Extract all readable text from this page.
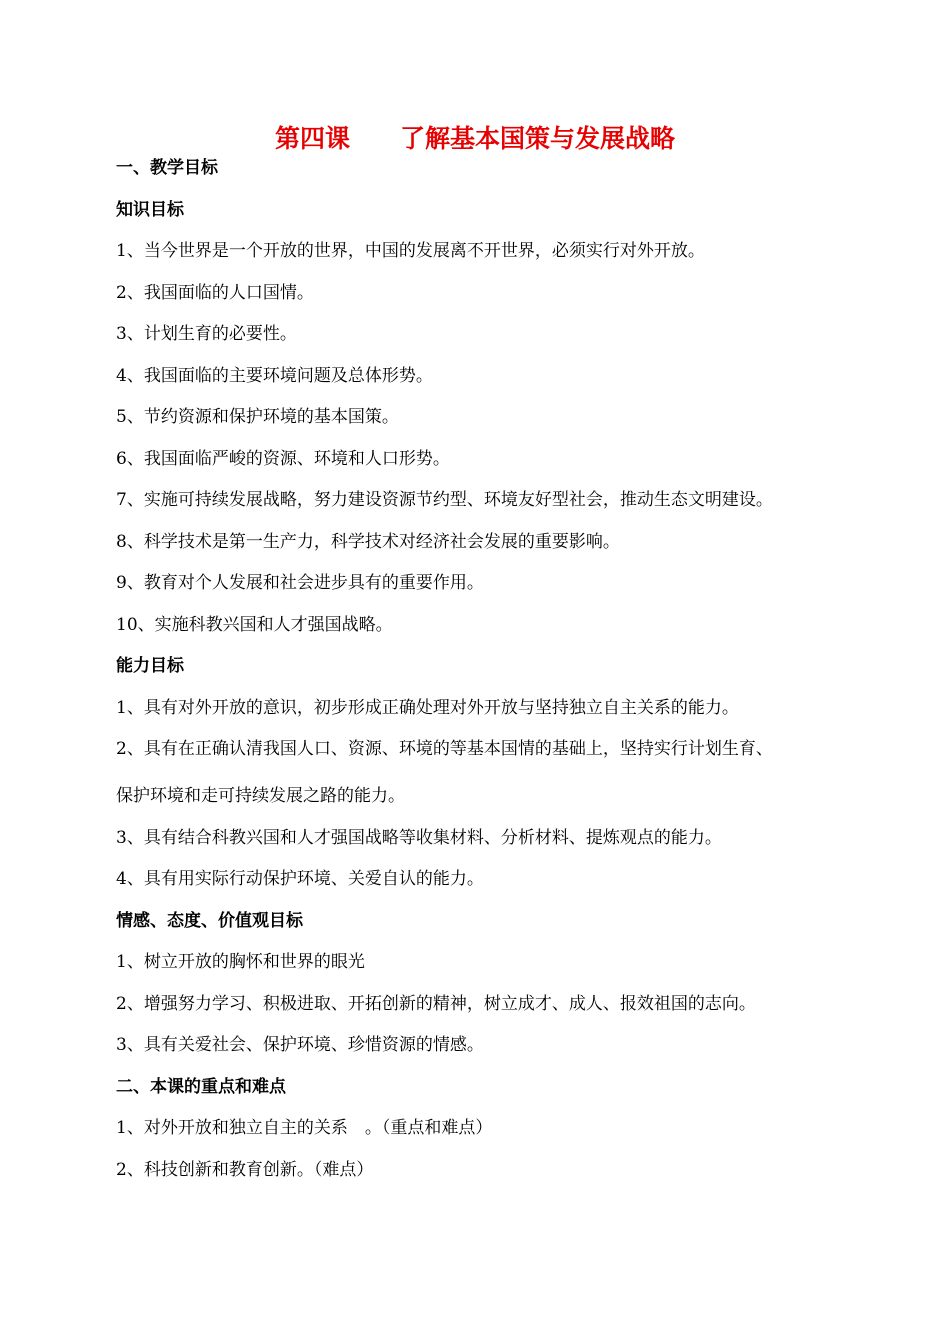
第四课　　了解基本国策与发展战略
一、教学目标
知识目标
1、当今世界是一个开放的世界，中国的发展离不开世界，必须实行对外开放。
2、我国面临的人口国情。
3、计划生育的必要性。
4、我国面临的主要环境问题及总体形势。
5、节约资源和保护环境的基本国策。
6、我国面临严峻的资源、环境和人口形势。
7、实施可持续发展战略，努力建设资源节约型、环境友好型社会，推动生态文明建设。
8、科学技术是第一生产力，科学技术对经济社会发展的重要影响。
9、教育对个人发展和社会进步具有的重要作用。
10、实施科教兴国和人才强国战略。
能力目标
1、具有对外开放的意识，初步形成正确处理对外开放与坚持独立自主关系的能力。
2、具有在正确认清我国人口、资源、环境的等基本国情的基础上，坚持实行计划生育、
保护环境和走可持续发展之路的能力。
3、具有结合科教兴国和人才强国战略等收集材料、分析材料、提炼观点的能力。
4、具有用实际行动保护环境、关爱自认的能力。
情感、态度、价值观目标
1、树立开放的胸怀和世界的眼光
2、增强努力学习、积极进取、开拓创新的精神，树立成才、成人、报效祖国的志向。
3、具有关爱社会、保护环境、珍惜资源的情感。
二、本课的重点和难点
1、对外开放和独立自主的关系　。（重点和难点）
2、科技创新和教育创新。（难点）
